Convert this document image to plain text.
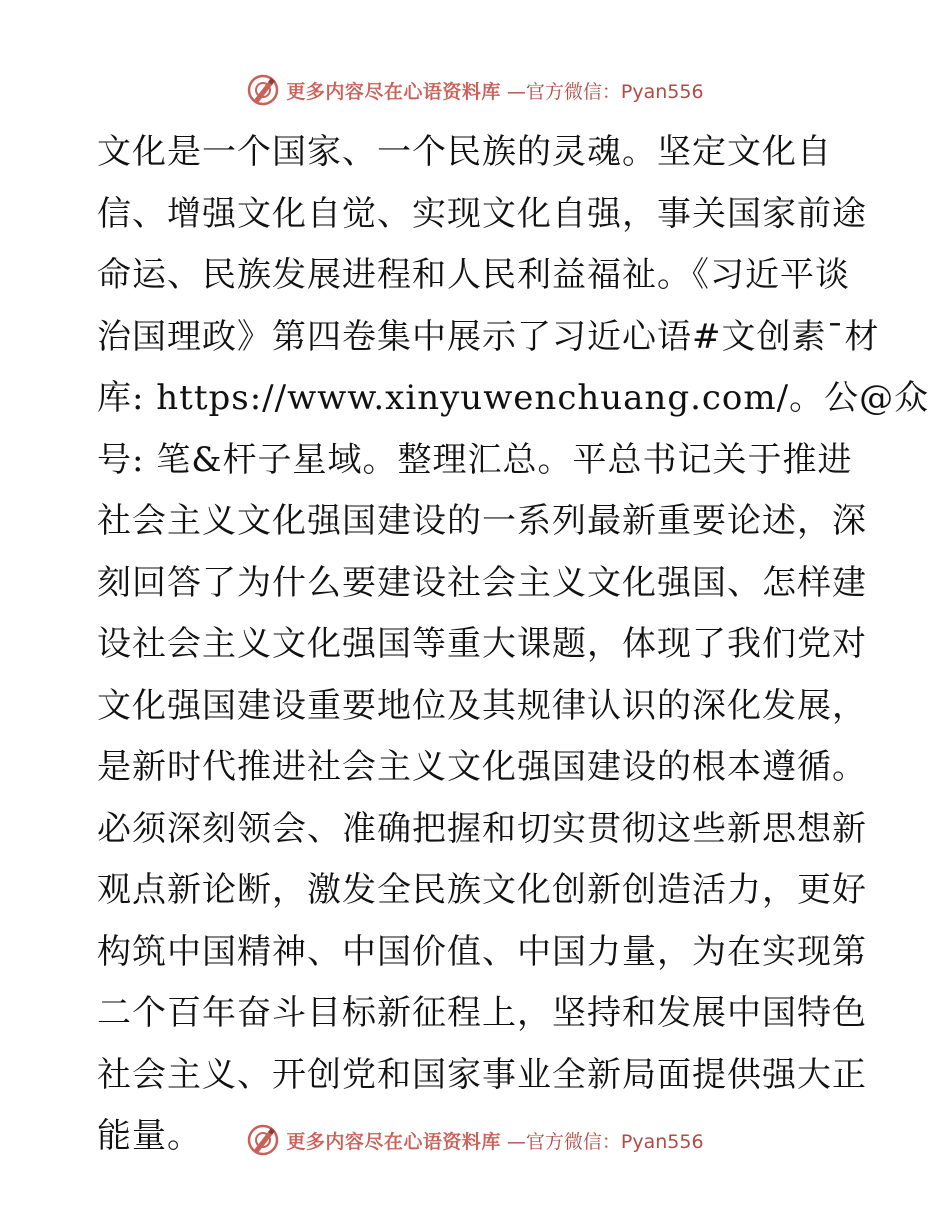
更多内容尽在心语资料库 —官方微信：Pyan556
文化是一个国家、一个民族的灵魂。坚定文化自
信、增强文化自觉、实现文化自强，事关国家前途
命运、民族发展进程和人民利益福祉。《习近平谈
治国理政》第四卷集中展示了习近心语#文创素¯材
库: https://www.xinyuwenchuang.com/。公@众
号: 笔&杆子星域。整理汇总。平总书记关于推进
社会主义文化强国建设的一系列最新重要论述，深
刻回答了为什么要建设社会主义文化强国、怎样建
设社会主义文化强国等重大课题，体现了我们党对
文化强国建设重要地位及其规律认识的深化发展，
是新时代推进社会主义文化强国建设的根本遵循。
必须深刻领会、准确把握和切实贯彻这些新思想新
观点新论断，激发全民族文化创新创造活力，更好
构筑中国精神、中国价值、中国力量，为在实现第
二个百年奋斗目标新征程上，坚持和发展中国特色
社会主义、开创党和国家事业全新局面提供强大正
能量。	更多内容尽在心语资料库 —官方微信：Pyan556
